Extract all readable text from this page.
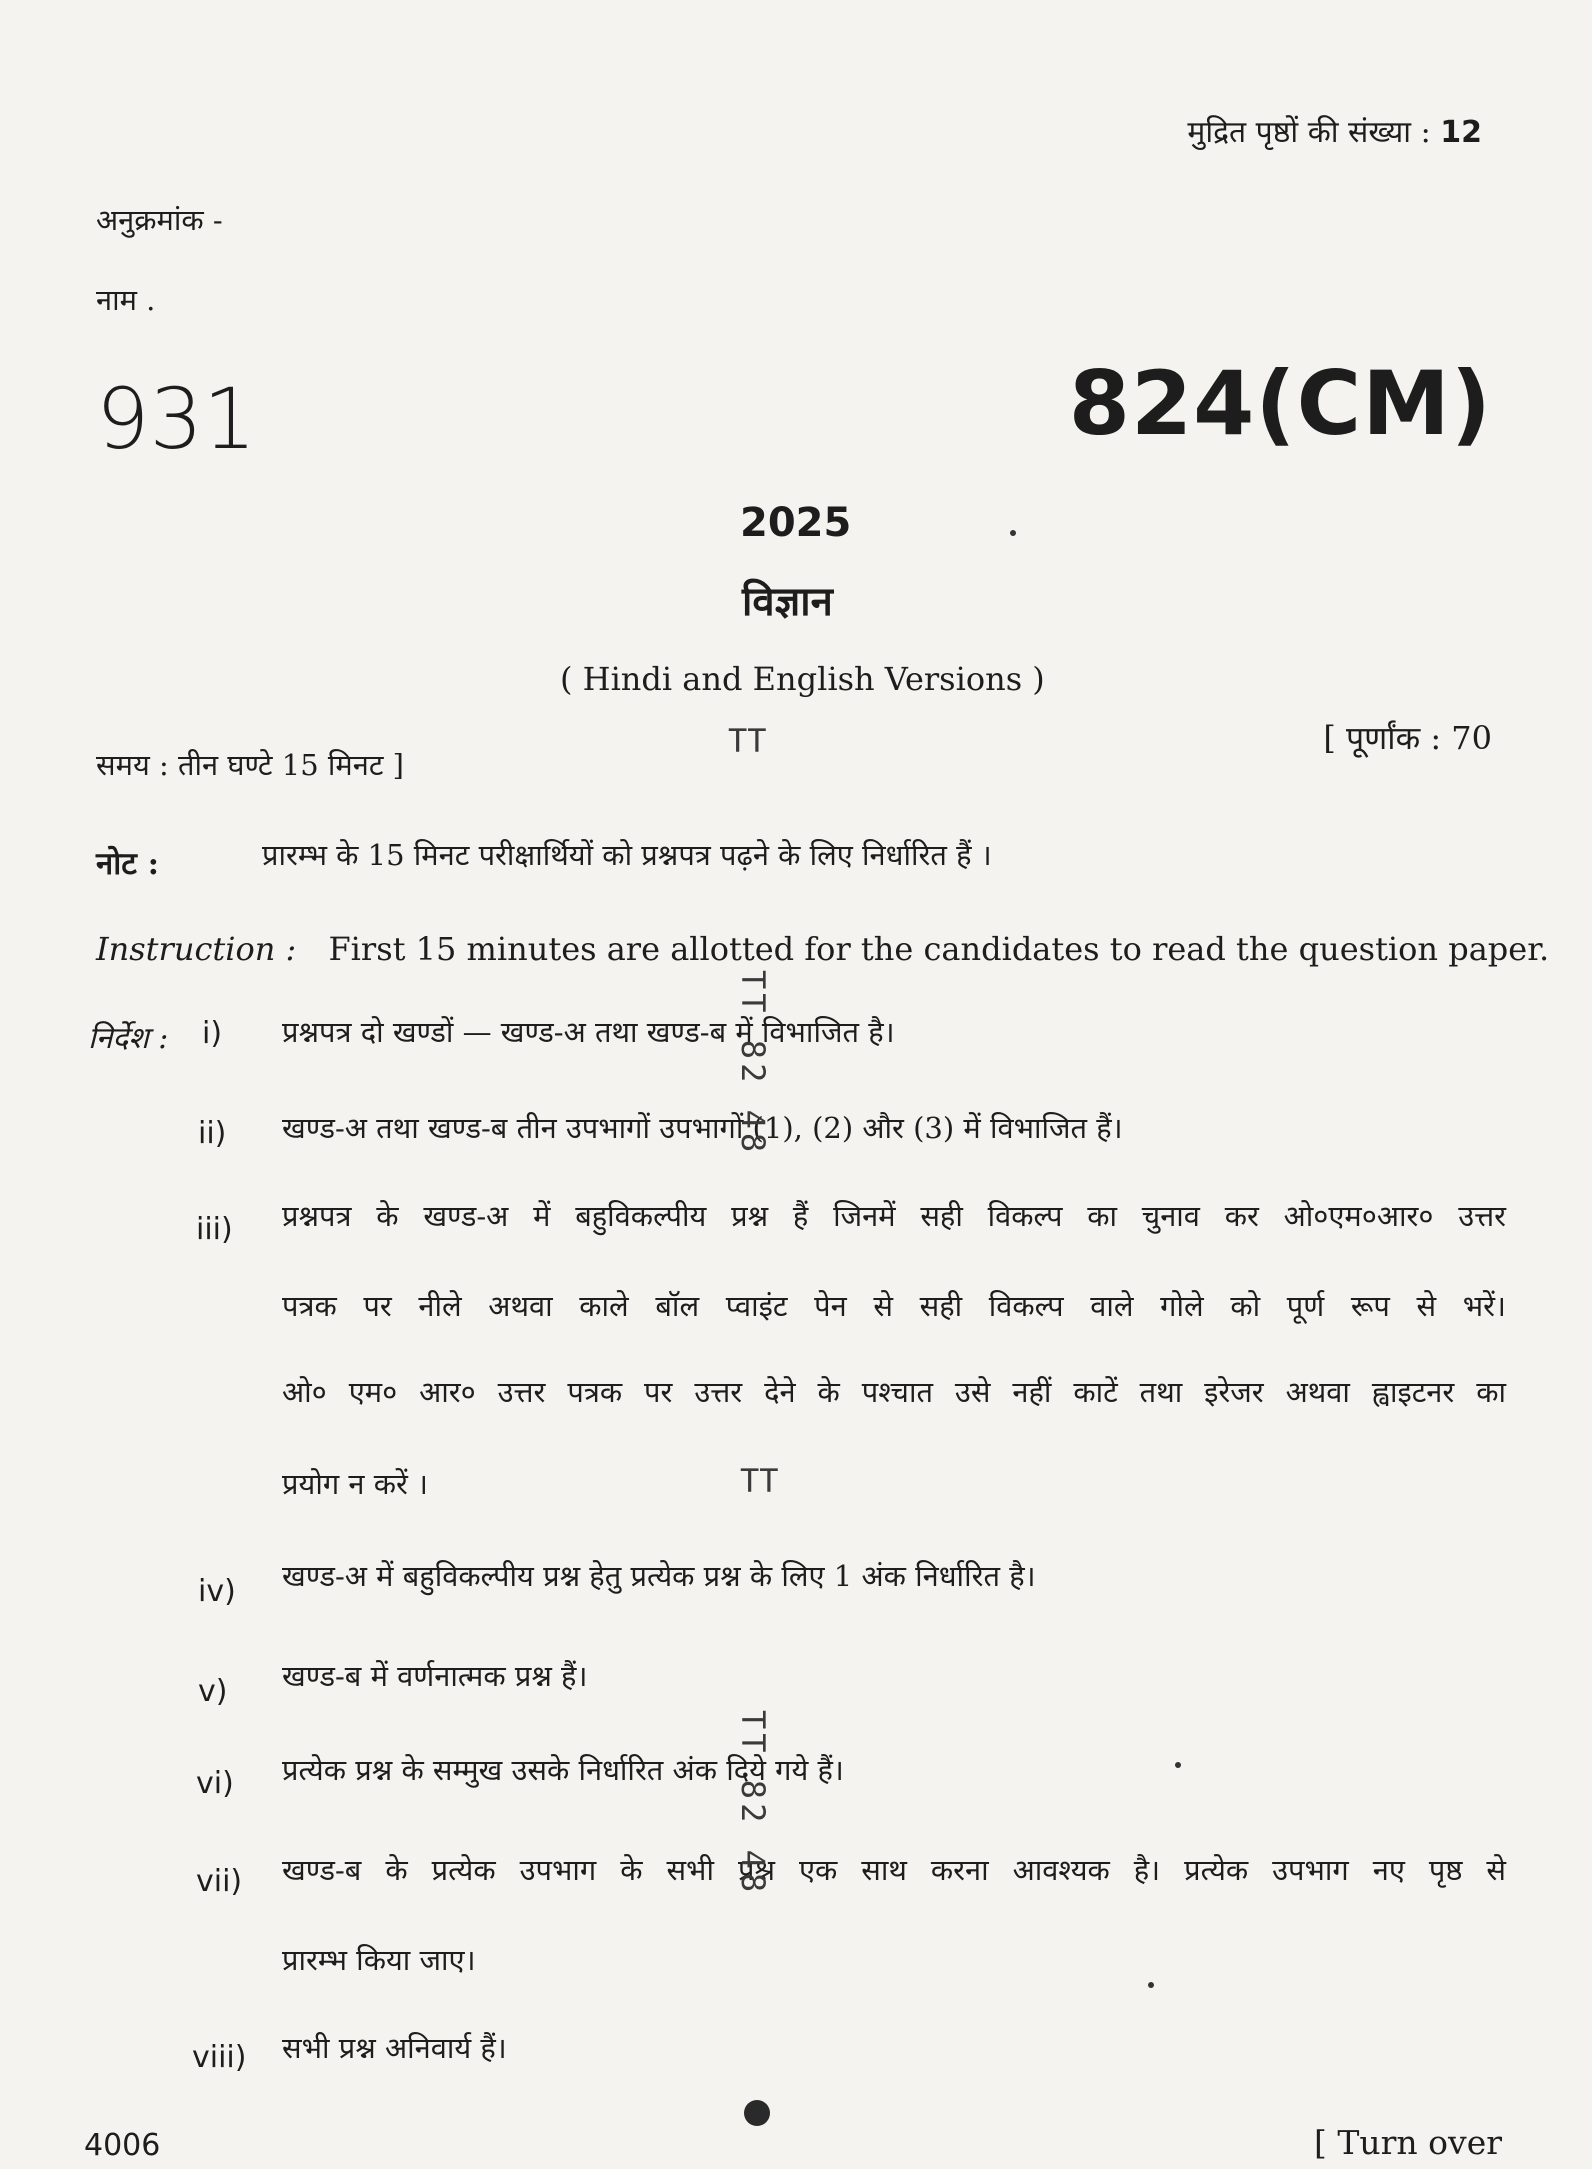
मुद्रित पृष्ठों की संख्या : 12
अनुक्रमांक -
नाम .
931	824(CM)
2025
विज्ञान
( Hindi and English Versions )
समय : तीन घण्टे 15 मिनट ]
[ पूर्णांक : 70
नोट :	प्रारम्भ के 15 मिनट परीक्षार्थियों को प्रश्नपत्र पढ़ने के लिए निर्धारित हैं ।
Instruction : First 15 minutes are allotted for the candidates to read the question paper.
निर्देश : i) प्रश्नपत्र दो खण्डों — खण्ड-अ तथा खण्ड-ब में विभाजित है।
ii) खण्ड-अ तथा खण्ड-ब तीन उपभागों उपभागों (1), (2) और (3) में विभाजित हैं।
iii) प्रश्नपत्र के खण्ड-अ में बहुविकल्पीय प्रश्न हैं जिनमें सही विकल्प का चुनाव कर ओ०एम०आर० उत्तर
पत्रक पर नीले अथवा काले बॉल प्वाइंट पेन से सही विकल्प वाले गोले को पूर्ण रूप से भरें।
ओ० एम० आर० उत्तर पत्रक पर उत्तर देने के पश्चात उसे नहीं काटें तथा इरेजर अथवा ह्वाइटनर का
प्रयोग न करें ।
iv) खण्ड-अ में बहुविकल्पीय प्रश्न हेतु प्रत्येक प्रश्न के लिए 1 अंक निर्धारित है।
v) खण्ड-ब में वर्णनात्मक प्रश्न हैं।
vi) प्रत्येक प्रश्न के सम्मुख उसके निर्धारित अंक दिये गये हैं।
vii) खण्ड-ब के प्रत्येक उपभाग के सभी प्रश्न एक साथ करना आवश्यक है। प्रत्येक उपभाग नए पृष्ठ से
प्रारम्भ किया जाए।
viii) सभी प्रश्न अनिवार्य हैं।
TT
TT 82 48
TT
TT 82 48
4006	[ Turn over
